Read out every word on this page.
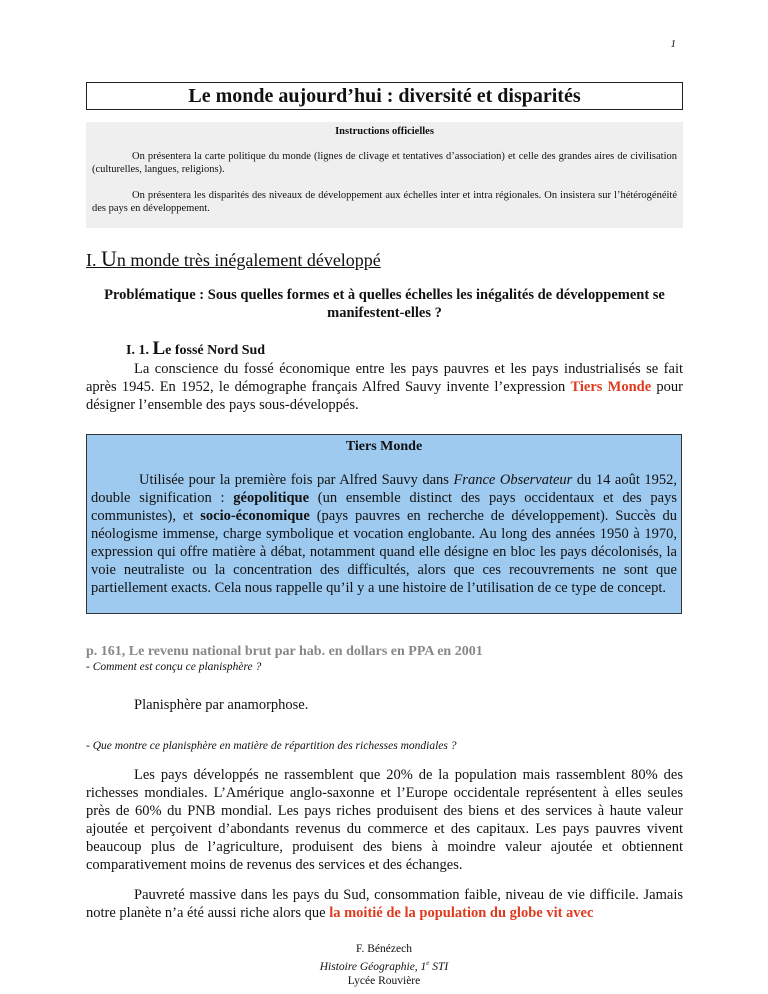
1
Le monde aujourd’hui : diversité et disparités
Instructions officielles

On présentera la carte politique du monde (lignes de clivage et tentatives d’association) et celle des grandes aires de civilisation (culturelles, langues, religions).

On présentera les disparités des niveaux de développement aux échelles inter et intra régionales. On insistera sur l’hétérogénéité des pays en développement.

I. Un monde très inégalement développé
Problématique : Sous quelles formes et à quelles échelles les inégalités de développement se manifestent-elles ?
I. 1. Le fossé Nord Sud

La conscience du fossé économique entre les pays pauvres et les pays industrialisés se fait après 1945. En 1952, le démographe français Alfred Sauvy invente l’expression Tiers Monde pour désigner l’ensemble des pays sous-développés.

Tiers Monde

Utilisée pour la première fois par Alfred Sauvy dans France Observateur du 14 août 1952, double signification : géopolitique (un ensemble distinct des pays occidentaux et des pays communistes), et socio-économique (pays pauvres en recherche de développement). Succès du néologisme immense, charge symbolique et vocation englobante. Au long des années 1950 à 1970, expression qui offre matière à débat, notamment quand elle désigne en bloc les pays décolonisés, la voie neutraliste ou la concentration des difficultés, alors que ces recouvrements ne sont que partiellement exacts. Cela nous rappelle qu’il y a une histoire de l’utilisation de ce type de concept.

p. 161, Le revenu national brut par hab. en dollars en PPA en 2001
- Comment est conçu ce planisphère ?

Planisphère par anamorphose.

- Que montre ce planisphère en matière de répartition des richesses mondiales ?

Les pays développés ne rassemblent que 20% de la population mais rassemblent 80% des richesses mondiales. L’Amérique anglo-saxonne et l’Europe occidentale représentent à elles seules près de 60% du PNB mondial. Les pays riches produisent des biens et des services à haute valeur ajoutée et perçoivent d’abondants revenus du commerce et des capitaux. Les pays pauvres vivent beaucoup plus de l’agriculture, produisent des biens à moindre valeur ajoutée et obtiennent comparativement moins de revenus des services et des échanges.

Pauvreté massive dans les pays du Sud, consommation faible, niveau de vie difficile. Jamais notre planète n’a été aussi riche alors que la moitié de la population du globe vit avec

F. Bénézech
Histoire Géographie, 1e STI
Lycée Rouvière
